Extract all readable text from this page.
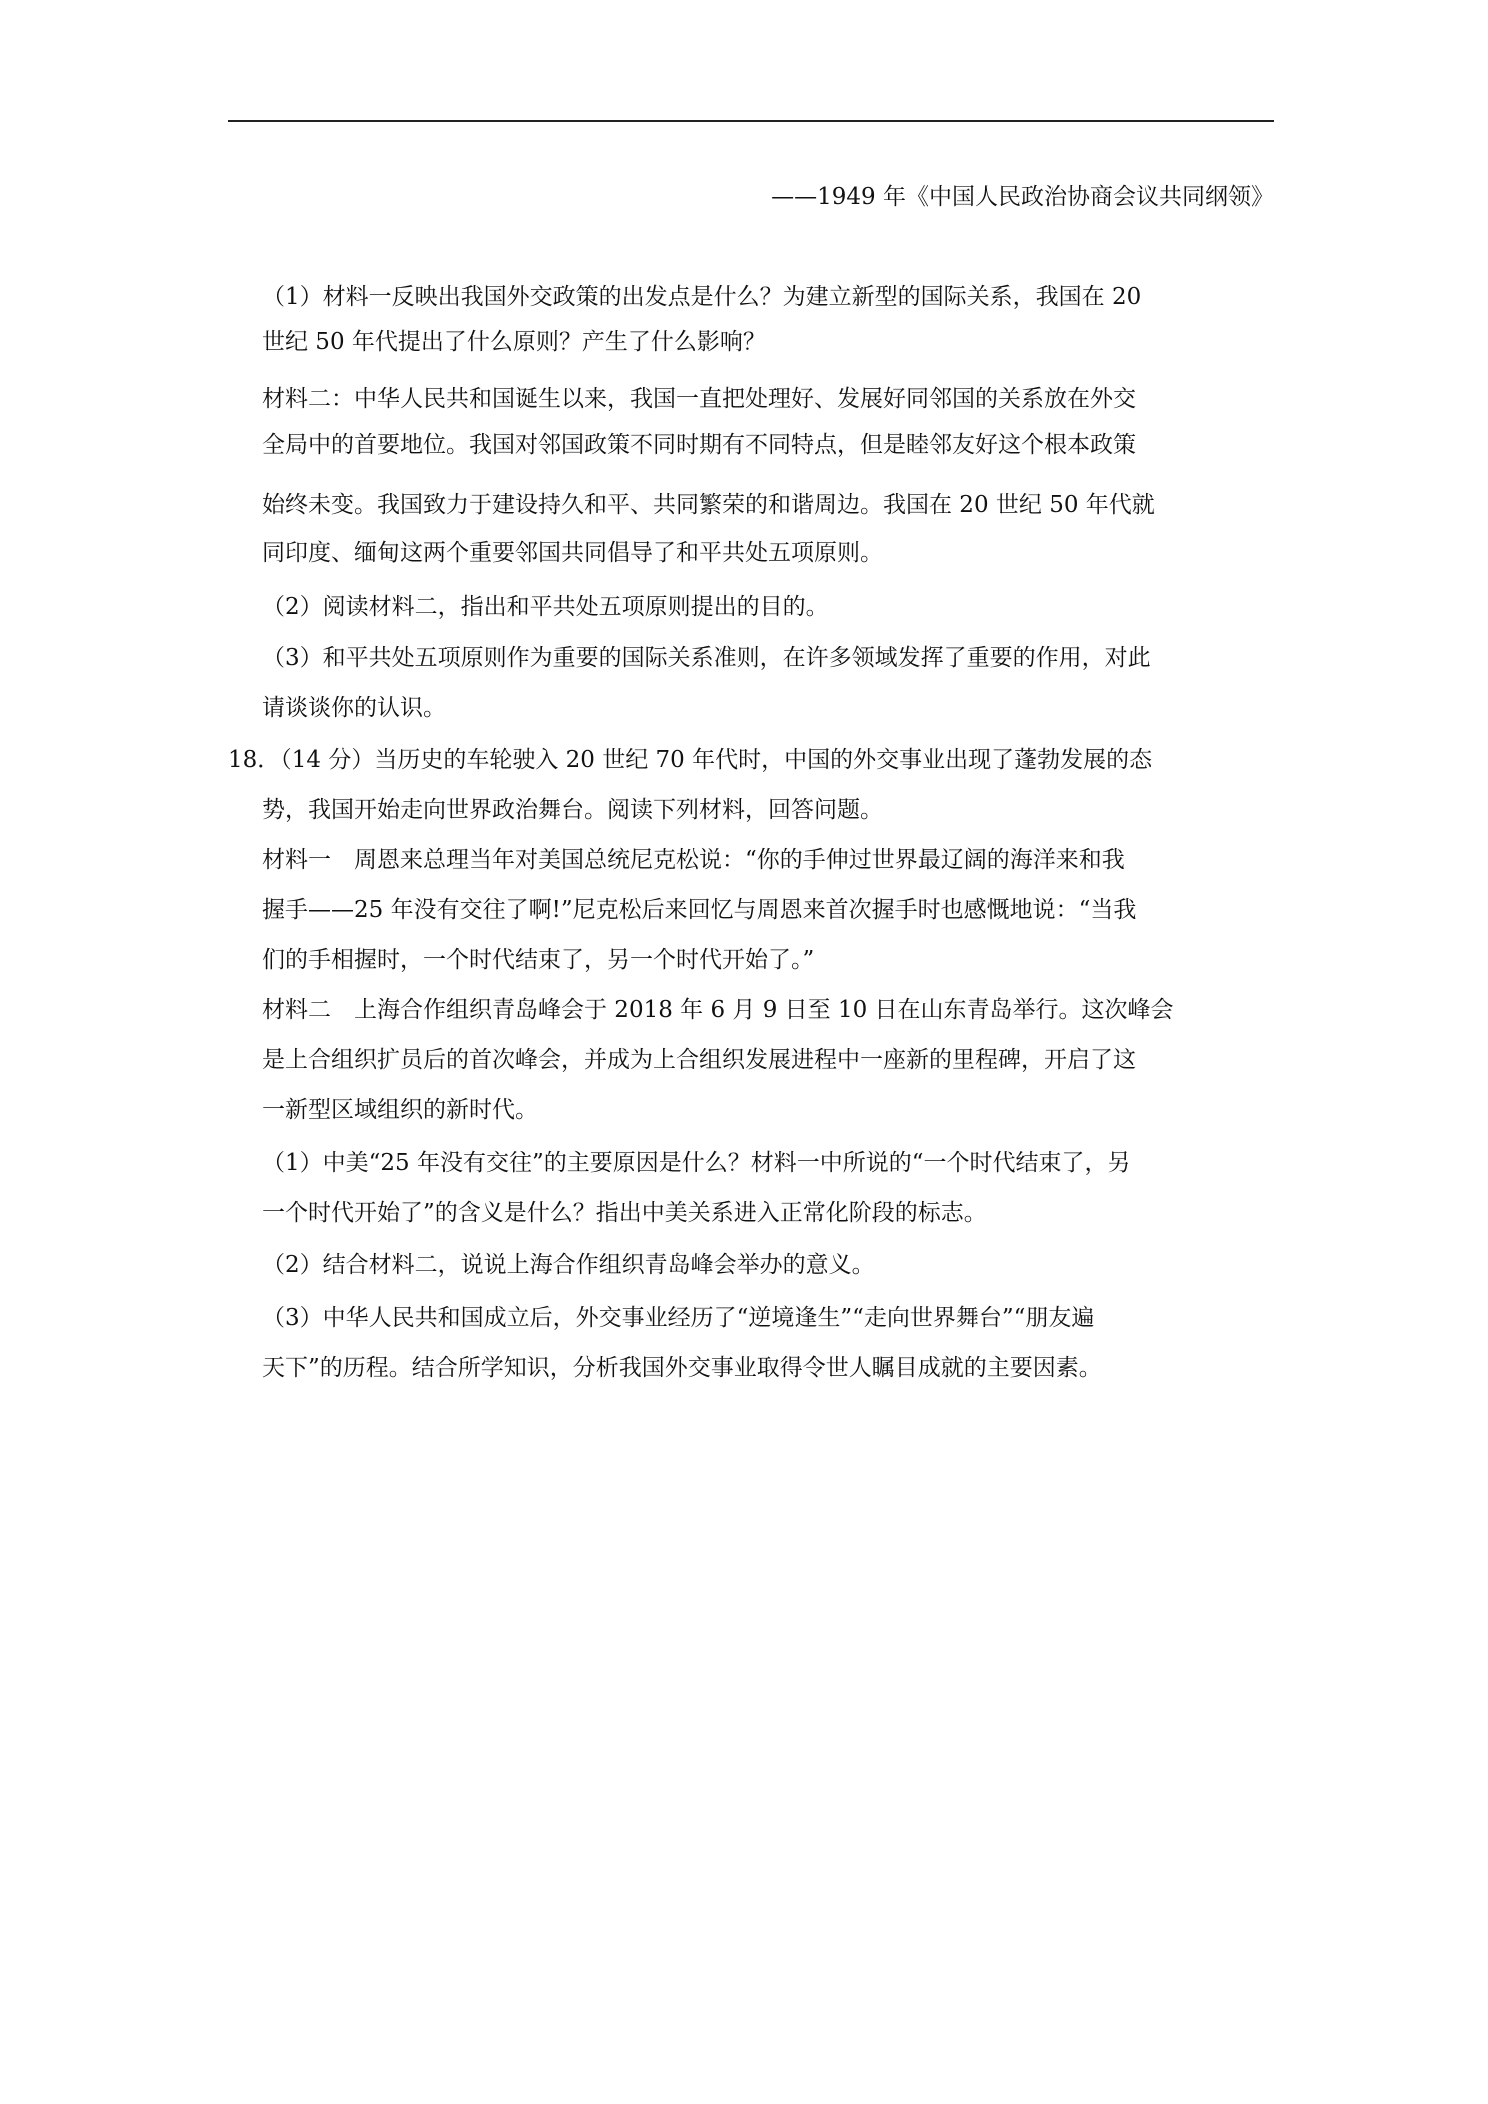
——1949 年《中国人民政治协商会议共同纲领》
（1）材料一反映出我国外交政策的出发点是什么？为建立新型的国际关系，我国在 20
世纪 50 年代提出了什么原则？产生了什么影响？
材料二：中华人民共和国诞生以来，我国一直把处理好、发展好同邻国的关系放在外交
全局中的首要地位。我国对邻国政策不同时期有不同特点，但是睦邻友好这个根本政策
始终未变。我国致力于建设持久和平、共同繁荣的和谐周边。我国在 20 世纪 50 年代就
同印度、缅甸这两个重要邻国共同倡导了和平共处五项原则。
（2）阅读材料二，指出和平共处五项原则提出的目的。
（3）和平共处五项原则作为重要的国际关系准则，在许多领域发挥了重要的作用，对此
请谈谈你的认识。
18．（14 分）当历史的车轮驶入 20 世纪 70 年代时，中国的外交事业出现了蓬勃发展的态
势，我国开始走向世界政治舞台。阅读下列材料，回答问题。
材料一　周恩来总理当年对美国总统尼克松说：“你的手伸过世界最辽阔的海洋来和我
握手——25 年没有交往了啊!”尼克松后来回忆与周恩来首次握手时也感慨地说：“当我
们的手相握时，一个时代结束了，另一个时代开始了。”
材料二　上海合作组织青岛峰会于 2018 年 6 月 9 日至 10 日在山东青岛举行。这次峰会
是上合组织扩员后的首次峰会，并成为上合组织发展进程中一座新的里程碑，开启了这
一新型区域组织的新时代。
（1）中美“25 年没有交往”的主要原因是什么？材料一中所说的“一个时代结束了，另
一个时代开始了”的含义是什么？指出中美关系进入正常化阶段的标志。
（2）结合材料二，说说上海合作组织青岛峰会举办的意义。
（3）中华人民共和国成立后，外交事业经历了“逆境逢生”“走向世界舞台”“朋友遍
天下”的历程。结合所学知识，分析我国外交事业取得令世人瞩目成就的主要因素。
